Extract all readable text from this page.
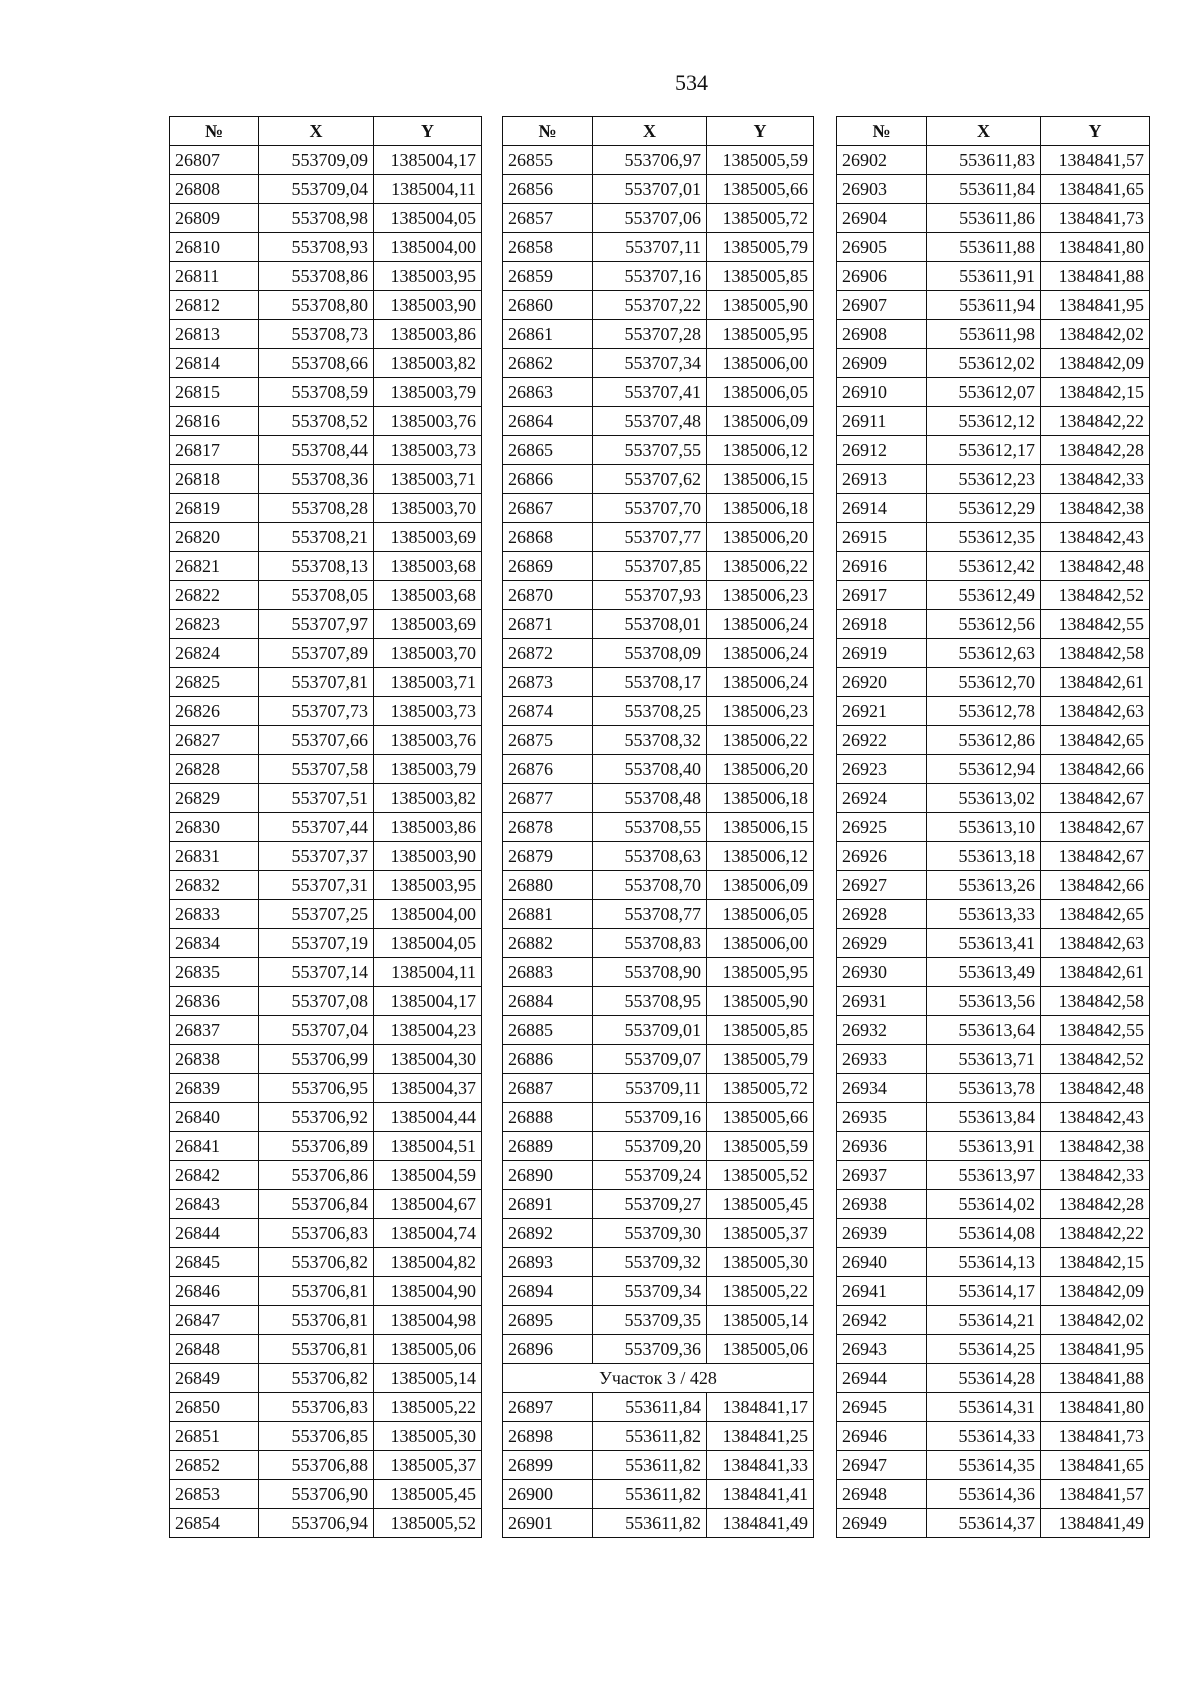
534
№	X	Y
26807	553709,09	1385004,17
26808	553709,04	1385004,11
26809	553708,98	1385004,05
26810	553708,93	1385004,00
26811	553708,86	1385003,95
26812	553708,80	1385003,90
26813	553708,73	1385003,86
26814	553708,66	1385003,82
26815	553708,59	1385003,79
26816	553708,52	1385003,76
26817	553708,44	1385003,73
26818	553708,36	1385003,71
26819	553708,28	1385003,70
26820	553708,21	1385003,69
26821	553708,13	1385003,68
26822	553708,05	1385003,68
26823	553707,97	1385003,69
26824	553707,89	1385003,70
26825	553707,81	1385003,71
26826	553707,73	1385003,73
26827	553707,66	1385003,76
26828	553707,58	1385003,79
26829	553707,51	1385003,82
26830	553707,44	1385003,86
26831	553707,37	1385003,90
26832	553707,31	1385003,95
26833	553707,25	1385004,00
26834	553707,19	1385004,05
26835	553707,14	1385004,11
26836	553707,08	1385004,17
26837	553707,04	1385004,23
26838	553706,99	1385004,30
26839	553706,95	1385004,37
26840	553706,92	1385004,44
26841	553706,89	1385004,51
26842	553706,86	1385004,59
26843	553706,84	1385004,67
26844	553706,83	1385004,74
26845	553706,82	1385004,82
26846	553706,81	1385004,90
26847	553706,81	1385004,98
26848	553706,81	1385005,06
26849	553706,82	1385005,14
26850	553706,83	1385005,22
26851	553706,85	1385005,30
26852	553706,88	1385005,37
26853	553706,90	1385005,45
26854	553706,94	1385005,52
№	X	Y
26855	553706,97	1385005,59
26856	553707,01	1385005,66
26857	553707,06	1385005,72
26858	553707,11	1385005,79
26859	553707,16	1385005,85
26860	553707,22	1385005,90
26861	553707,28	1385005,95
26862	553707,34	1385006,00
26863	553707,41	1385006,05
26864	553707,48	1385006,09
26865	553707,55	1385006,12
26866	553707,62	1385006,15
26867	553707,70	1385006,18
26868	553707,77	1385006,20
26869	553707,85	1385006,22
26870	553707,93	1385006,23
26871	553708,01	1385006,24
26872	553708,09	1385006,24
26873	553708,17	1385006,24
26874	553708,25	1385006,23
26875	553708,32	1385006,22
26876	553708,40	1385006,20
26877	553708,48	1385006,18
26878	553708,55	1385006,15
26879	553708,63	1385006,12
26880	553708,70	1385006,09
26881	553708,77	1385006,05
26882	553708,83	1385006,00
26883	553708,90	1385005,95
26884	553708,95	1385005,90
26885	553709,01	1385005,85
26886	553709,07	1385005,79
26887	553709,11	1385005,72
26888	553709,16	1385005,66
26889	553709,20	1385005,59
26890	553709,24	1385005,52
26891	553709,27	1385005,45
26892	553709,30	1385005,37
26893	553709,32	1385005,30
26894	553709,34	1385005,22
26895	553709,35	1385005,14
26896	553709,36	1385005,06
Участок 3 / 428		
26897	553611,84	1384841,17
26898	553611,82	1384841,25
26899	553611,82	1384841,33
26900	553611,82	1384841,41
26901	553611,82	1384841,49
№	X	Y
26902	553611,83	1384841,57
26903	553611,84	1384841,65
26904	553611,86	1384841,73
26905	553611,88	1384841,80
26906	553611,91	1384841,88
26907	553611,94	1384841,95
26908	553611,98	1384842,02
26909	553612,02	1384842,09
26910	553612,07	1384842,15
26911	553612,12	1384842,22
26912	553612,17	1384842,28
26913	553612,23	1384842,33
26914	553612,29	1384842,38
26915	553612,35	1384842,43
26916	553612,42	1384842,48
26917	553612,49	1384842,52
26918	553612,56	1384842,55
26919	553612,63	1384842,58
26920	553612,70	1384842,61
26921	553612,78	1384842,63
26922	553612,86	1384842,65
26923	553612,94	1384842,66
26924	553613,02	1384842,67
26925	553613,10	1384842,67
26926	553613,18	1384842,67
26927	553613,26	1384842,66
26928	553613,33	1384842,65
26929	553613,41	1384842,63
26930	553613,49	1384842,61
26931	553613,56	1384842,58
26932	553613,64	1384842,55
26933	553613,71	1384842,52
26934	553613,78	1384842,48
26935	553613,84	1384842,43
26936	553613,91	1384842,38
26937	553613,97	1384842,33
26938	553614,02	1384842,28
26939	553614,08	1384842,22
26940	553614,13	1384842,15
26941	553614,17	1384842,09
26942	553614,21	1384842,02
26943	553614,25	1384841,95
26944	553614,28	1384841,88
26945	553614,31	1384841,80
26946	553614,33	1384841,73
26947	553614,35	1384841,65
26948	553614,36	1384841,57
26949	553614,37	1384841,49
